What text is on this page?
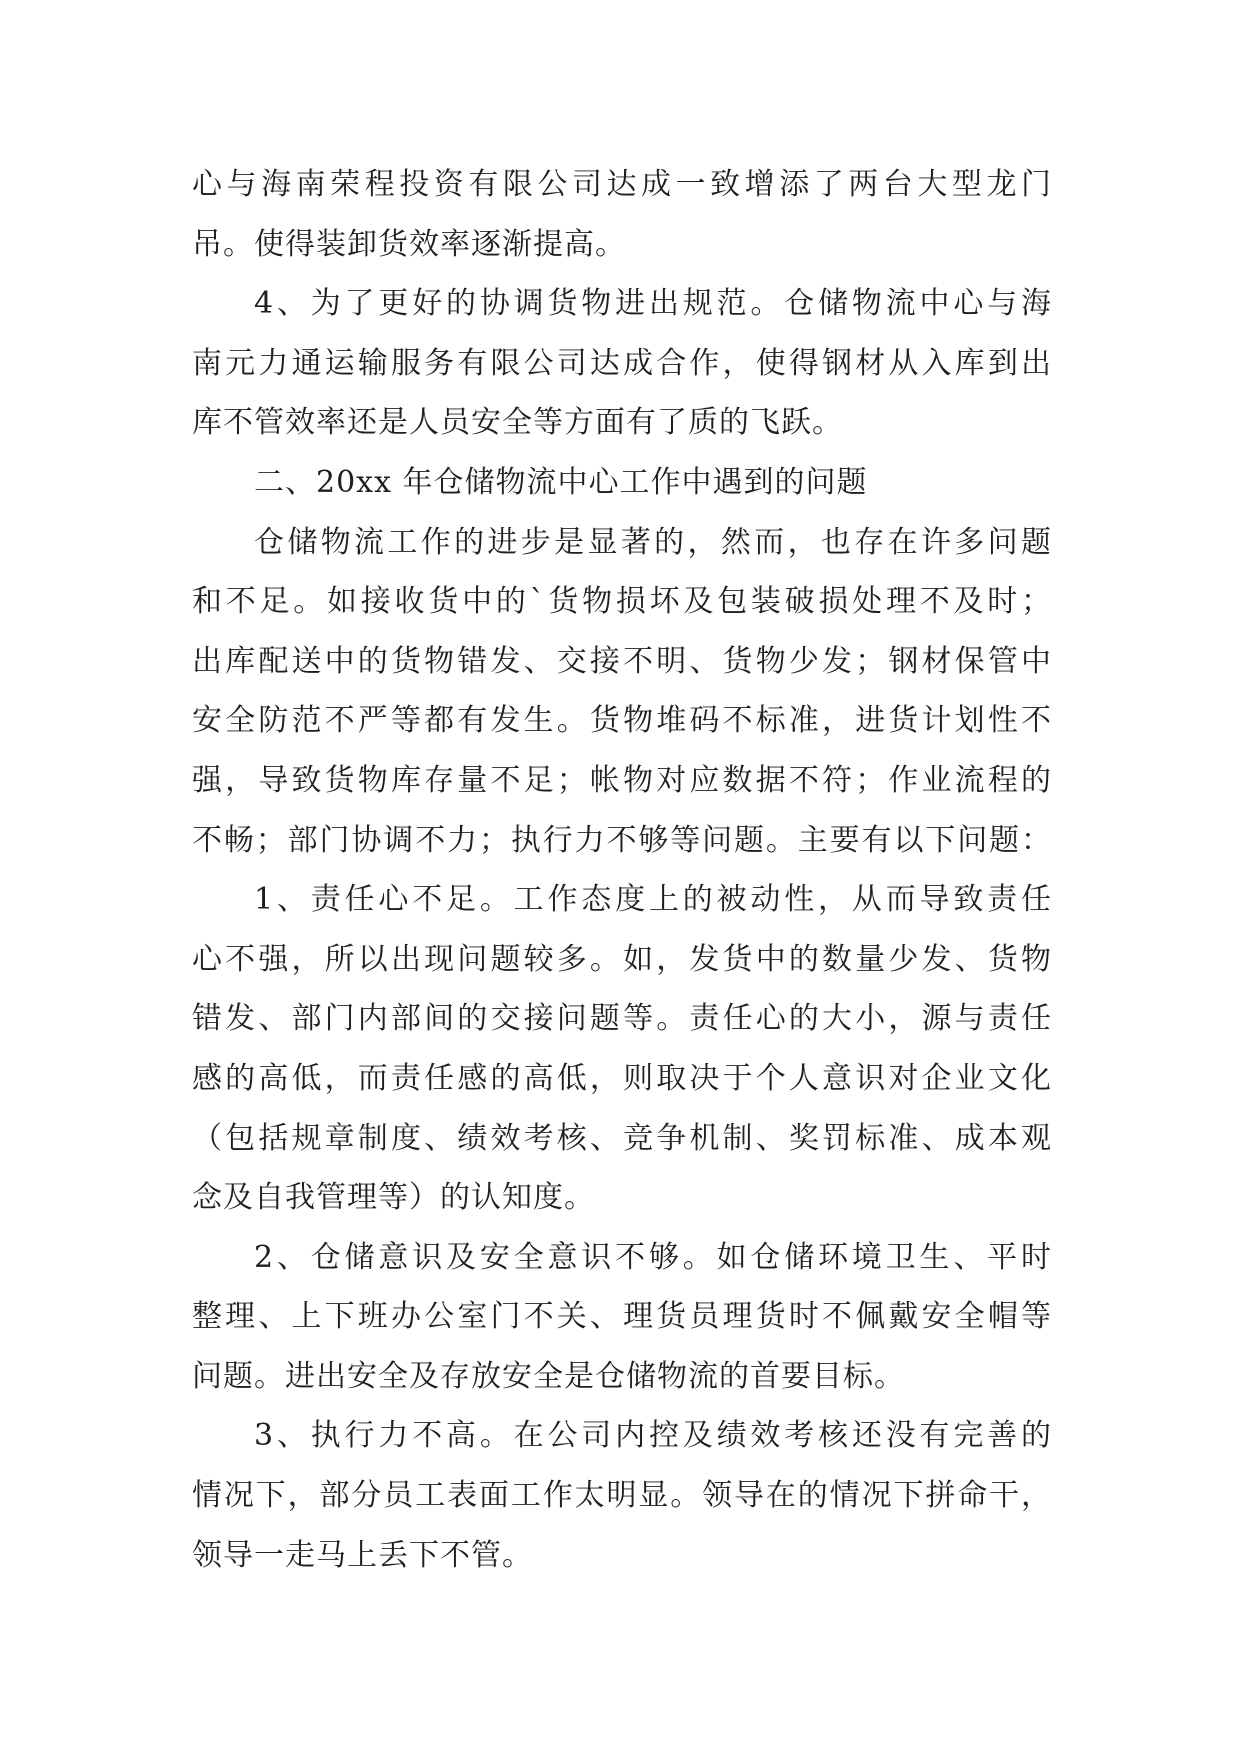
心与海南荣程投资有限公司达成一致增添了两台大型龙门
吊。使得装卸货效率逐渐提高。
4、为了更好的协调货物进出规范。仓储物流中心与海
南元力通运输服务有限公司达成合作，使得钢材从入库到出
库不管效率还是人员安全等方面有了质的飞跃。
二、20xx 年仓储物流中心工作中遇到的问题
仓储物流工作的进步是显著的，然而，也存在许多问题
和不足。如接收货中的`货物损坏及包装破损处理不及时；
出库配送中的货物错发、交接不明、货物少发；钢材保管中
安全防范不严等都有发生。货物堆码不标准，进货计划性不
强，导致货物库存量不足；帐物对应数据不符；作业流程的
不畅；部门协调不力；执行力不够等问题。主要有以下问题：
1、责任心不足。工作态度上的被动性，从而导致责任
心不强，所以出现问题较多。如，发货中的数量少发、货物
错发、部门内部间的交接问题等。责任心的大小，源与责任
感的高低，而责任感的高低，则取决于个人意识对企业文化
（包括规章制度、绩效考核、竞争机制、奖罚标准、成本观
念及自我管理等）的认知度。
2、仓储意识及安全意识不够。如仓储环境卫生、平时
整理、上下班办公室门不关、理货员理货时不佩戴安全帽等
问题。进出安全及存放安全是仓储物流的首要目标。
3、执行力不高。在公司内控及绩效考核还没有完善的
情况下，部分员工表面工作太明显。领导在的情况下拼命干，
领导一走马上丢下不管。
